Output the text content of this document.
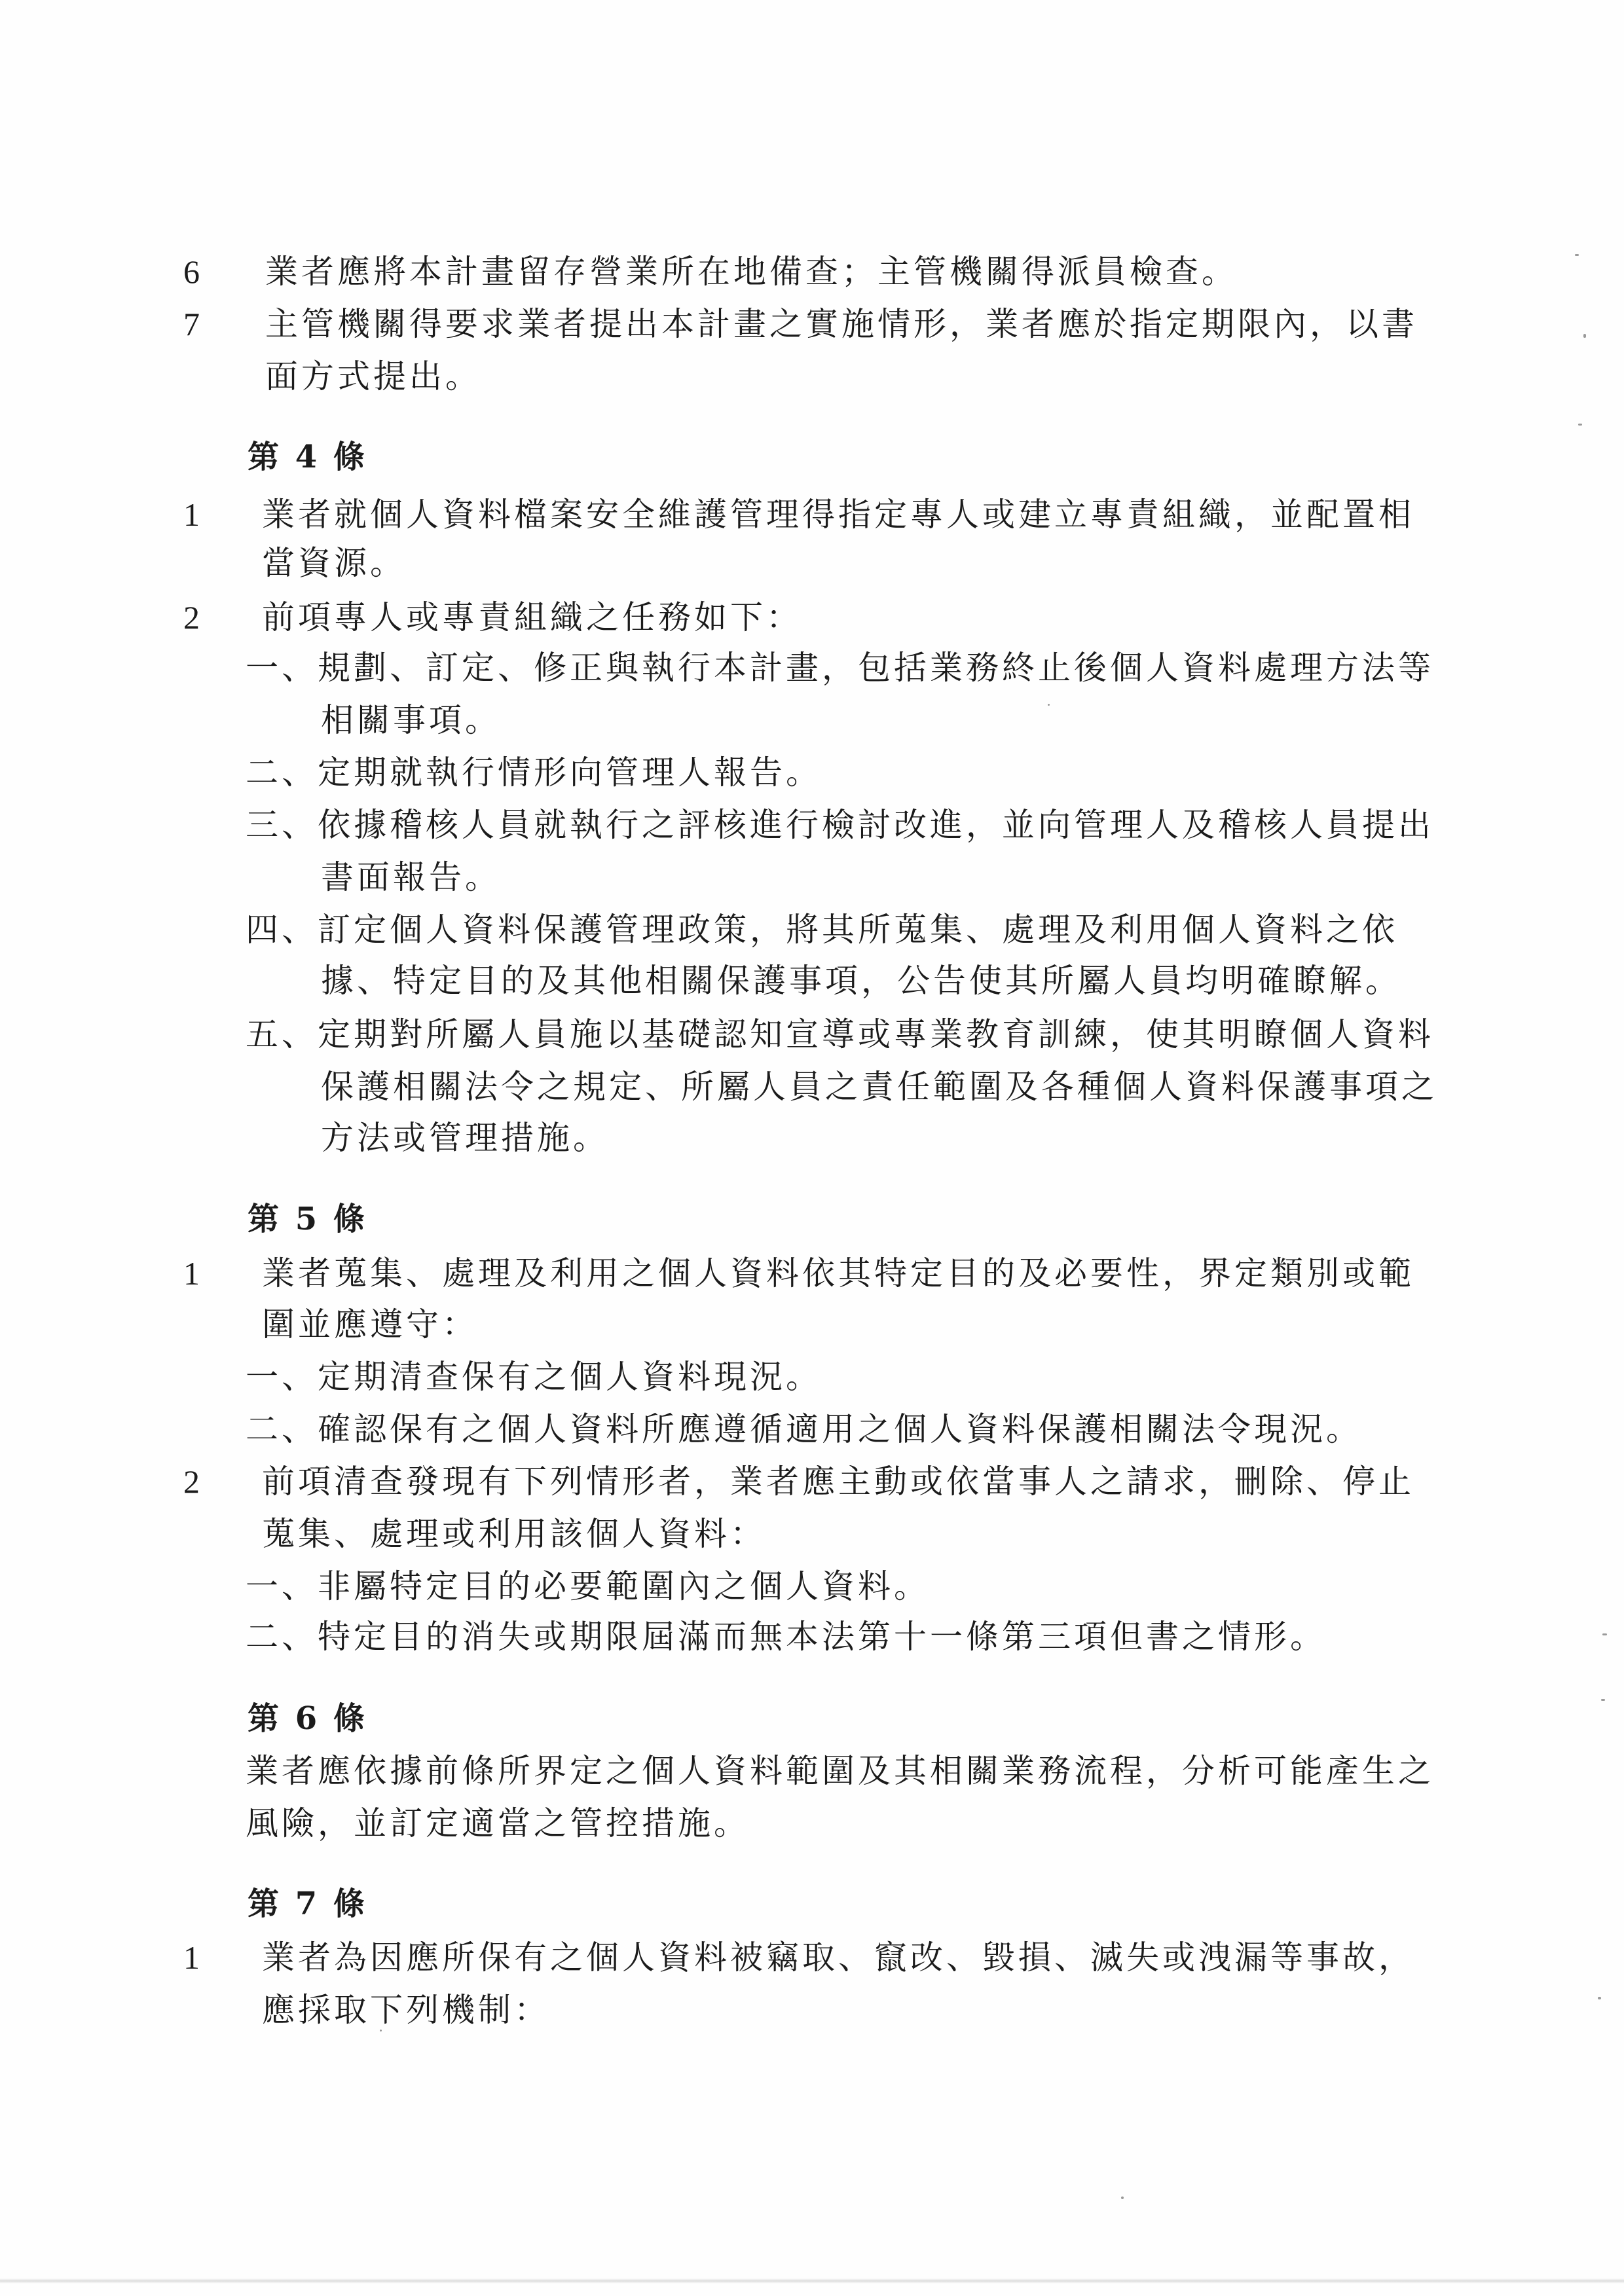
6 業者應將本計畫留存營業所在地備查；主管機關得派員檢查。
7 主管機關得要求業者提出本計畫之實施情形，業者應於指定期限內，以書
面方式提出。
第 4 條
1 業者就個人資料檔案安全維護管理得指定專人或建立專責組織，並配置相
當資源。
2 前項專人或專責組織之任務如下：
一、規劃、訂定、修正與執行本計畫，包括業務終止後個人資料處理方法等
相關事項。
二、定期就執行情形向管理人報告。
三、依據稽核人員就執行之評核進行檢討改進，並向管理人及稽核人員提出
書面報告。
四、訂定個人資料保護管理政策，將其所蒐集、處理及利用個人資料之依
據、特定目的及其他相關保護事項，公告使其所屬人員均明確瞭解。
五、定期對所屬人員施以基礎認知宣導或專業教育訓練，使其明瞭個人資料
保護相關法令之規定、所屬人員之責任範圍及各種個人資料保護事項之
方法或管理措施。
第 5 條
1 業者蒐集、處理及利用之個人資料依其特定目的及必要性，界定類別或範
圍並應遵守：
一、定期清查保有之個人資料現況。
二、確認保有之個人資料所應遵循適用之個人資料保護相關法令現況。
2 前項清查發現有下列情形者，業者應主動或依當事人之請求，刪除、停止
蒐集、處理或利用該個人資料：
一、非屬特定目的必要範圍內之個人資料。
二、特定目的消失或期限屆滿而無本法第十一條第三項但書之情形。
第 6 條
業者應依據前條所界定之個人資料範圍及其相關業務流程，分析可能產生之
風險，並訂定適當之管控措施。
第 7 條
1 業者為因應所保有之個人資料被竊取、竄改、毀損、滅失或洩漏等事故，
應採取下列機制：
